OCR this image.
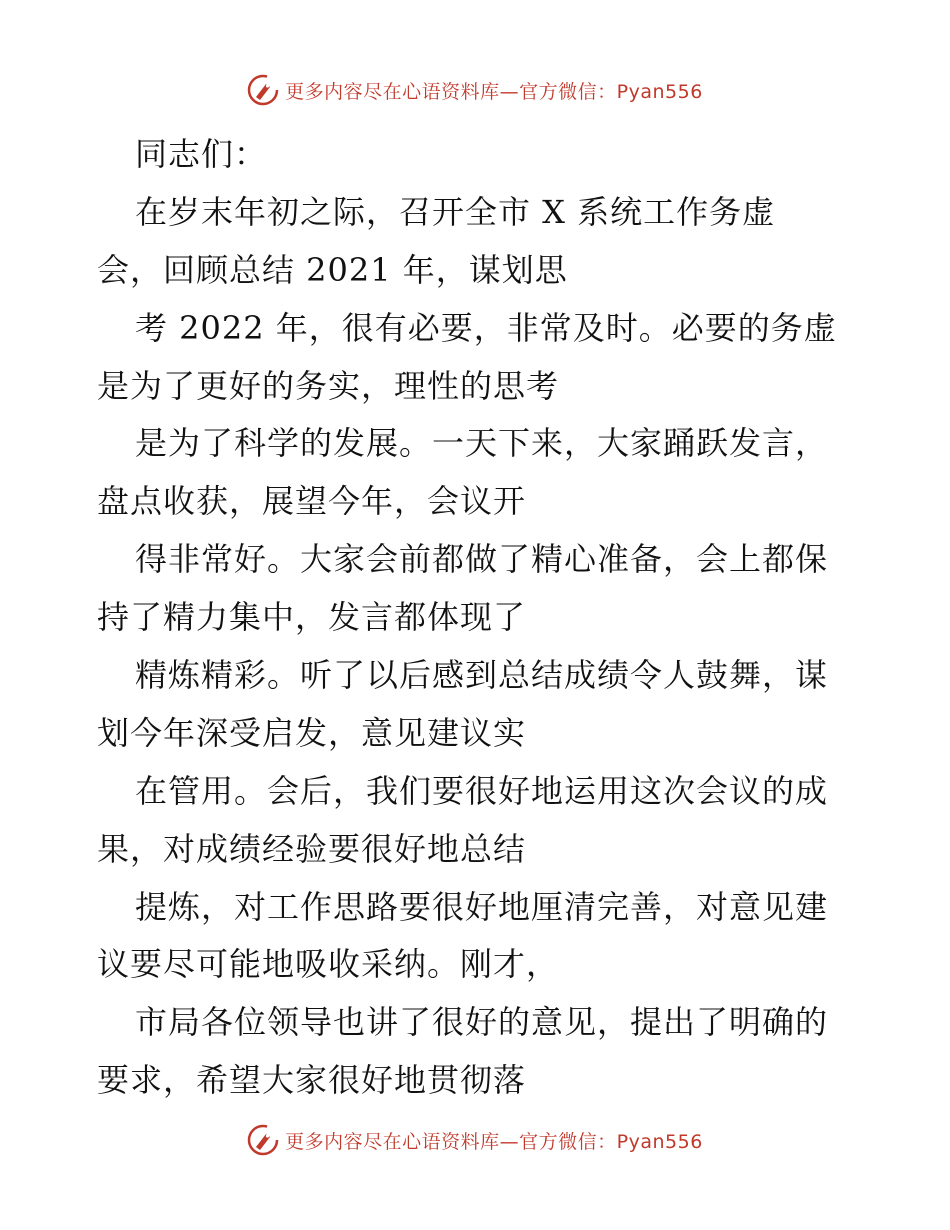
更多内容尽在心语资料库—官方微信：Pyan556
同志们：
在岁末年初之际，召开全市 X 系统工作务虚
会，回顾总结 2021 年，谋划思
考 2022 年，很有必要，非常及时。必要的务虚
是为了更好的务实，理性的思考
是为了科学的发展。一天下来，大家踊跃发言，
盘点收获，展望今年，会议开
得非常好。大家会前都做了精心准备，会上都保
持了精力集中，发言都体现了
精炼精彩。听了以后感到总结成绩令人鼓舞，谋
划今年深受启发，意见建议实
在管用。会后，我们要很好地运用这次会议的成
果，对成绩经验要很好地总结
提炼，对工作思路要很好地厘清完善，对意见建
议要尽可能地吸收采纳。刚才，
市局各位领导也讲了很好的意见，提出了明确的
要求，希望大家很好地贯彻落
更多内容尽在心语资料库—官方微信：Pyan556
